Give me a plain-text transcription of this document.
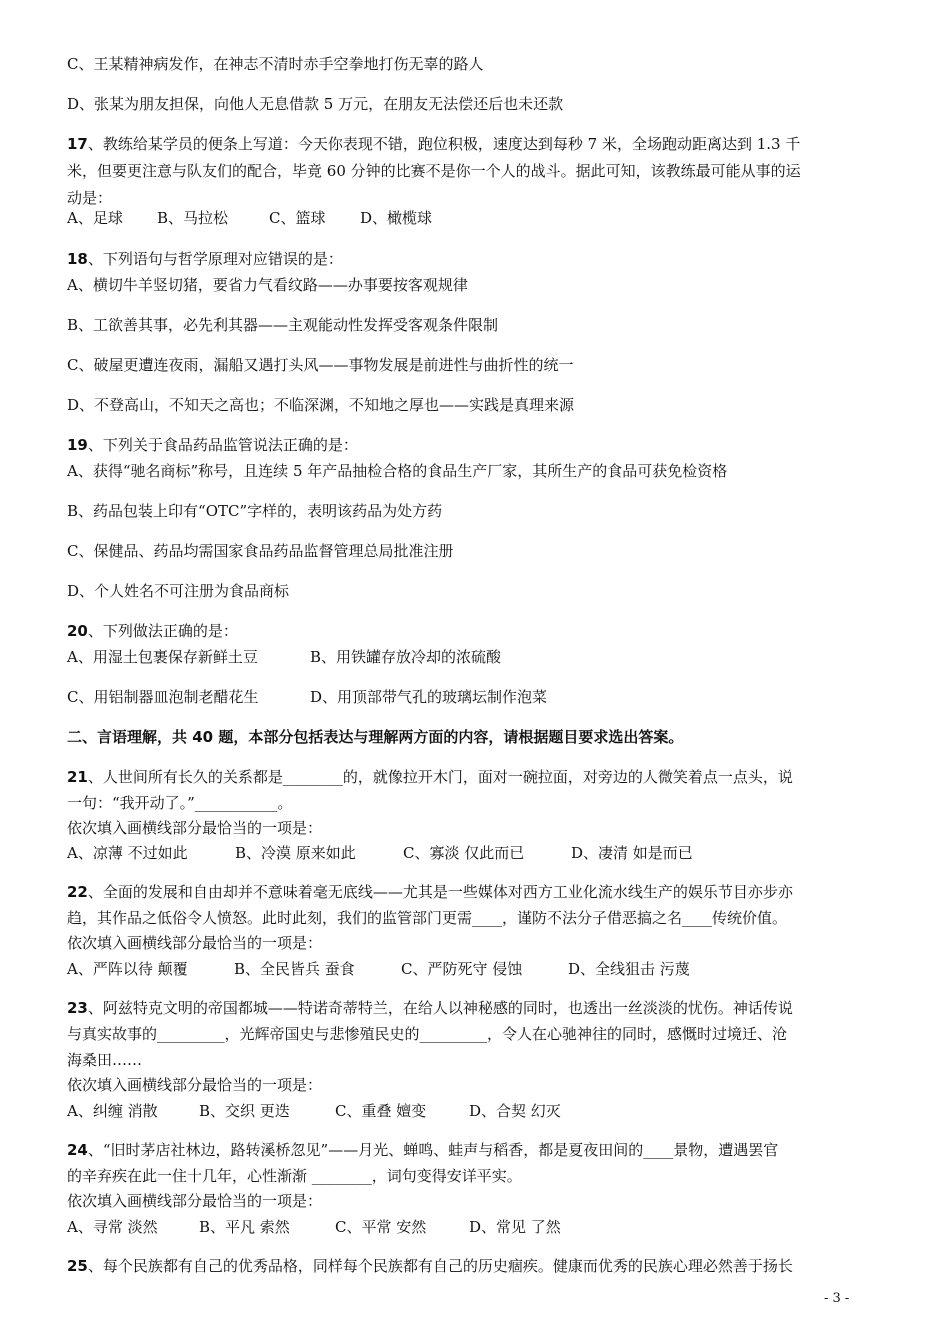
C、王某精神病发作，在神志不清时赤手空拳地打伤无辜的路人
D、张某为朋友担保，向他人无息借款 5 万元，在朋友无法偿还后也未还款
17、教练给某学员的便条上写道：今天你表现不错，跑位积极，速度达到每秒 7 米，全场跑动距离达到 1.3 千
米，但要更注意与队友们的配合，毕竟 60 分钟的比赛不是你一个人的战斗。据此可知，该教练最可能从事的运
动是：
A、足球 B、马拉松	C、篮球 D、橄榄球
18、下列语句与哲学原理对应错误的是：
A、横切牛羊竖切猪，要省力气看纹路——办事要按客观规律
B、工欲善其事，必先利其器——主观能动性发挥受客观条件限制
C、破屋更遭连夜雨，漏船又遇打头风——事物发展是前进性与曲折性的统一
D、不登高山，不知天之高也；不临深渊，不知地之厚也——实践是真理来源
19、下列关于食品药品监管说法正确的是：
A、获得“驰名商标”称号，且连续 5 年产品抽检合格的食品生产厂家，其所生产的食品可获免检资格
B、药品包装上印有“OTC”字样的，表明该药品为处方药
C、保健品、药品均需国家食品药品监督管理总局批准注册
D、个人姓名不可注册为食品商标
20、下列做法正确的是：
A、用湿土包裹保存新鲜土豆	B、用铁罐存放冷却的浓硫酸
C、用铝制器皿泡制老醋花生	D、用顶部带气孔的玻璃坛制作泡菜
二、言语理解，共 40 题，本部分包括表达与理解两方面的内容，请根据题目要求选出答案。
21、人世间所有长久的关系都是________的，就像拉开木门，面对一碗拉面，对旁边的人微笑着点一点头，说
一句：“我开动了。”___________。
依次填入画横线部分最恰当的一项是：
A、凉薄 不过如此	B、冷漠 原来如此	C、寡淡 仅此而已	D、凄清 如是而已
22、全面的发展和自由却并不意味着毫无底线——尤其是一些媒体对西方工业化流水线生产的娱乐节目亦步亦
趋，其作品之低俗令人愤怒。此时此刻，我们的监管部门更需____，谨防不法分子借恶搞之名____传统价值。
依次填入画横线部分最恰当的一项是：
A、严阵以待 颠覆	B、全民皆兵 蚕食	C、严防死守 侵蚀	D、全线狙击 污蔑
23、阿兹特克文明的帝国都城——特诺奇蒂特兰，在给人以神秘感的同时，也透出一丝淡淡的忧伤。神话传说
与真实故事的_________，光辉帝国史与悲惨殖民史的_________，令人在心驰神往的同时，感慨时过境迁、沧
海桑田……
依次填入画横线部分最恰当的一项是：
A、纠缠 消散	B、交织 更迭	C、重叠 嬗变	D、合契 幻灭
24、“旧时茅店社林边，路转溪桥忽见”——月光、蝉鸣、蛙声与稻香，都是夏夜田间的____景物，遭遇罢官
的辛弃疾在此一住十几年，心性渐渐 ________，词句变得安详平实。
依次填入画横线部分最恰当的一项是：
A、寻常 淡然	B、平凡 索然	C、平常 安然	D、常见 了然
25、每个民族都有自己的优秀品格，同样每个民族都有自己的历史痼疾。健康而优秀的民族心理必然善于扬长
- 3 -
